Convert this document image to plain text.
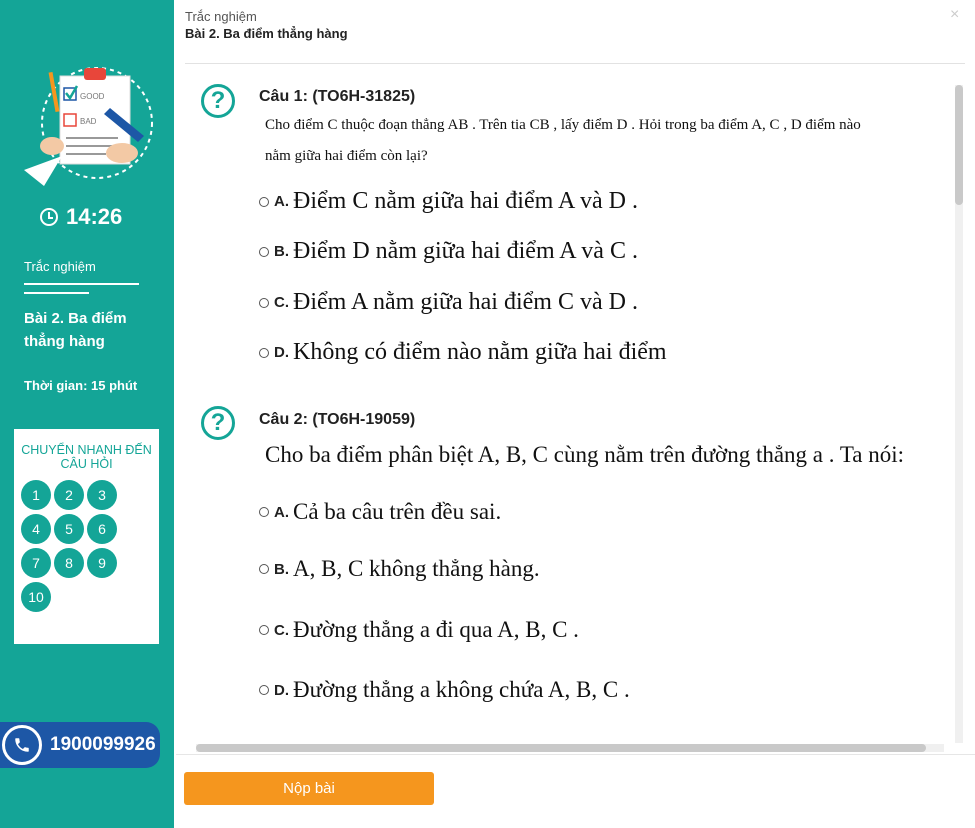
GOOD
BAD
14:26
Trắc nghiệm
Bài 2. Ba điểm thẳng hàng
Thời gian: 15 phút
CHUYỂN NHANH ĐẾN CÂU HỎI
1	2	3
4	5	6
7	8	9
10
1900099926
Trắc nghiệm
Bài 2. Ba điểm thẳng hàng
×
?	Câu 1: (TO6H-31825)
Cho điểm C thuộc đoạn thẳng AB . Trên tia CB , lấy điểm D . Hỏi trong ba điểm A, C , D điểm nào
nằm giữa hai điểm còn lại?
A. Điểm C nằm giữa hai điểm A và D .
B. Điểm D nằm giữa hai điểm A và C .
C. Điểm A nằm giữa hai điểm C và D .
D. Không có điểm nào nằm giữa hai điểm
?	Câu 2: (TO6H-19059)
Cho ba điểm phân biệt A, B, C cùng nằm trên đường thẳng a . Ta nói:
A. Cả ba câu trên đều sai.
B. A, B, C không thẳng hàng.
C. Đường thẳng a đi qua A, B, C .
D. Đường thẳng a không chứa A, B, C .
Nộp bài
